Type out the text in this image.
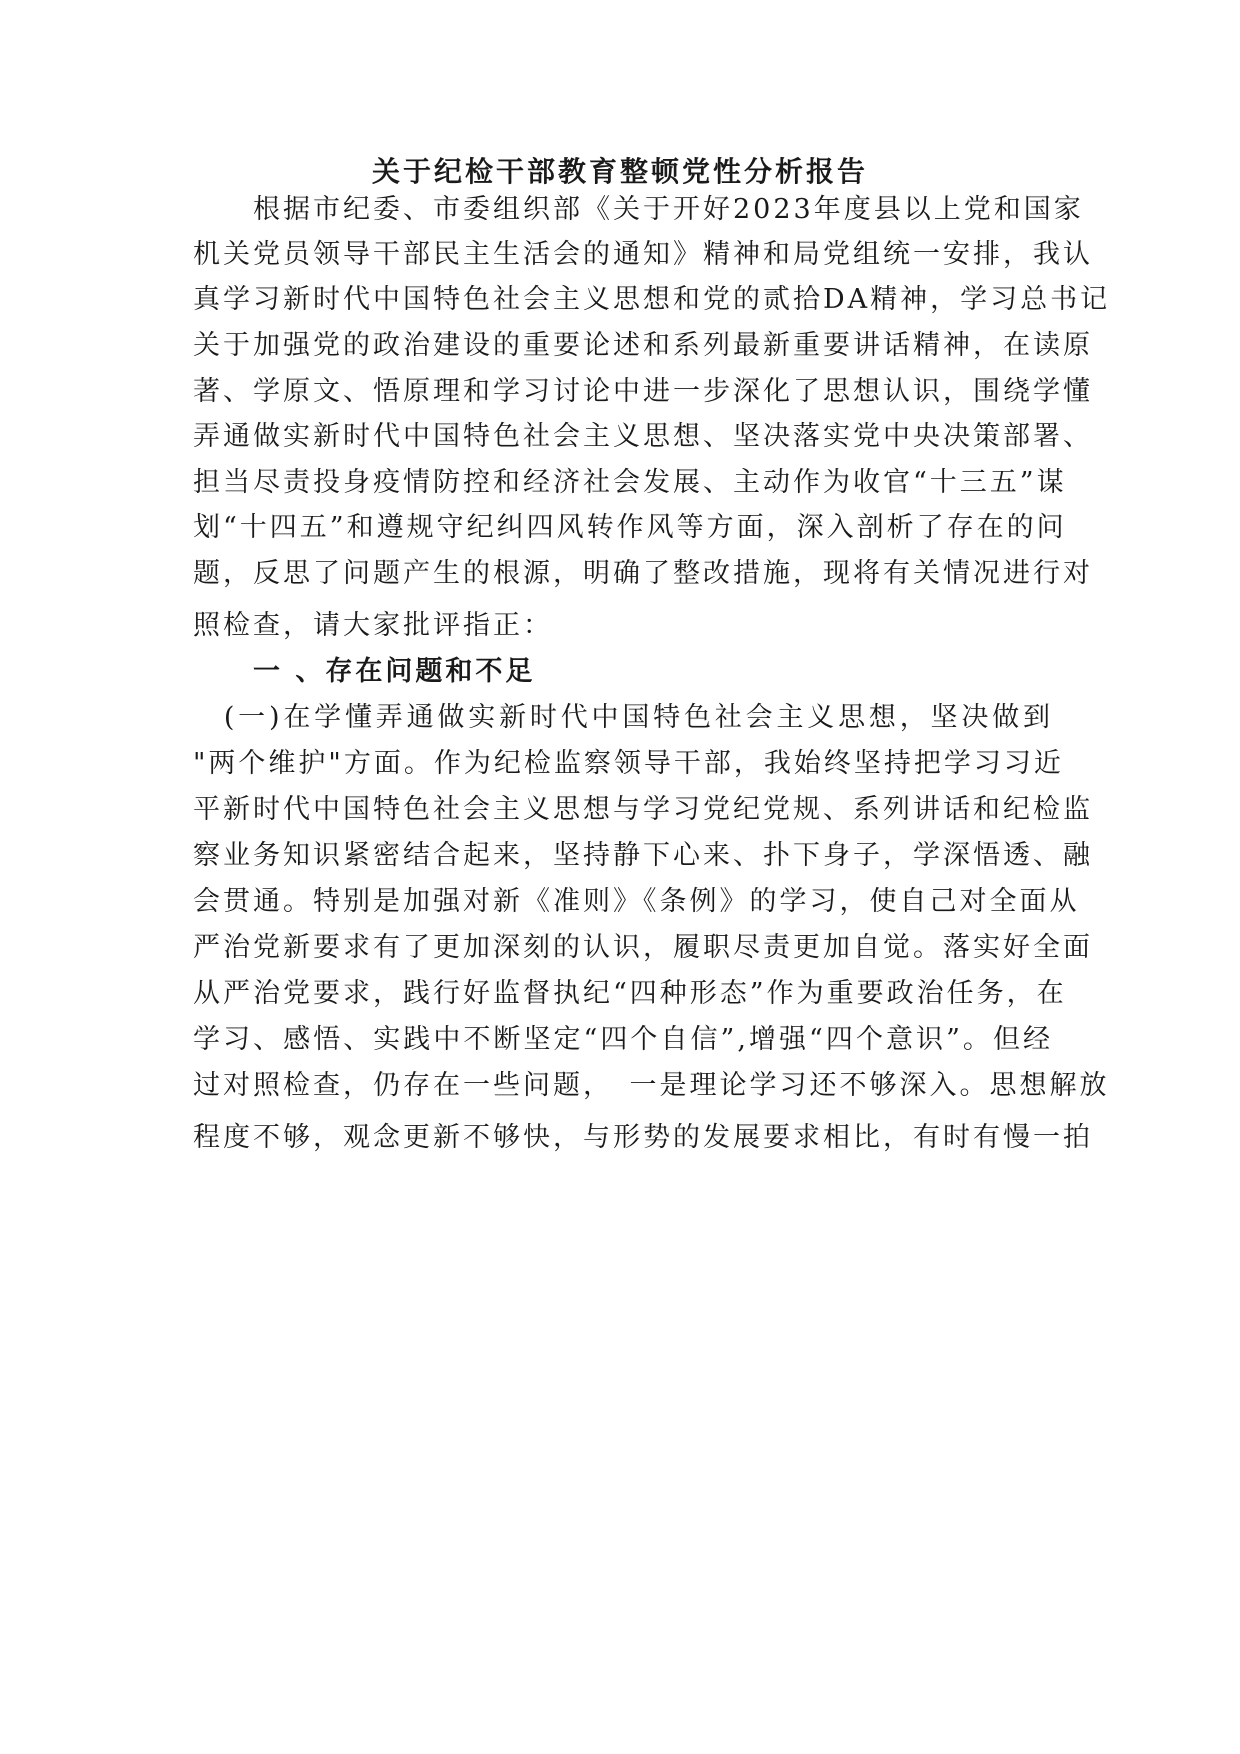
关于纪检干部教育整顿党性分析报告
　　根据市纪委、市委组织部《关于开好2023年度县以上党和国家
机关党员领导干部民主生活会的通知》精神和局党组统一安排，我认
真学习新时代中国特色社会主义思想和党的贰拾DA精神，学习总书记
关于加强党的政治建设的重要论述和系列最新重要讲话精神，在读原
著、学原文、悟原理和学习讨论中进一步深化了思想认识，围绕学懂
弄通做实新时代中国特色社会主义思想、坚决落实党中央决策部署、
担当尽责投身疫情防控和经济社会发展、主动作为收官“十三五”谋
划“十四五”和遵规守纪纠四风转作风等方面，深入剖析了存在的问
题，反思了问题产生的根源，明确了整改措施，现将有关情况进行对
照检查，请大家批评指正：
一 、存在问题和不足
　(一)在学懂弄通做实新时代中国特色社会主义思想，坚决做到
"两个维护"方面。作为纪检监察领导干部，我始终坚持把学习习近
平新时代中国特色社会主义思想与学习党纪党规、系列讲话和纪检监
察业务知识紧密结合起来，坚持静下心来、扑下身子，学深悟透、融
会贯通。特别是加强对新《准则》《条例》的学习，使自己对全面从
严治党新要求有了更加深刻的认识，履职尽责更加自觉。落实好全面
从严治党要求，践行好监督执纪“四种形态”作为重要政治任务，在
学习、感悟、实践中不断坚定“四个自信”,增强“四个意识”。但经
过对照检查，仍存在一些问题，　一是理论学习还不够深入。思想解放
程度不够，观念更新不够快，与形势的发展要求相比，有时有慢一拍
